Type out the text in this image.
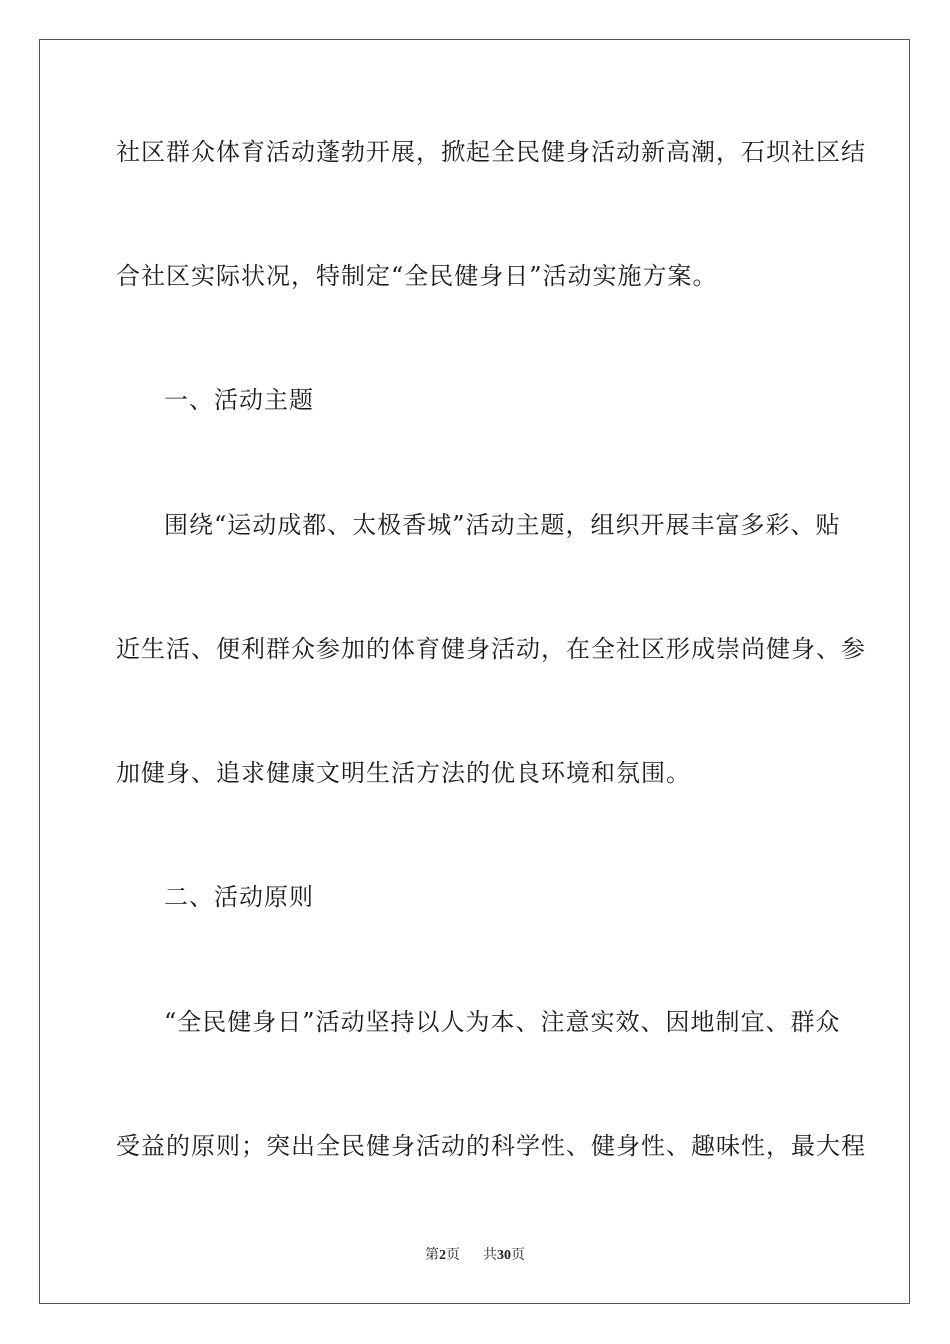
社区群众体育活动蓬勃开展，掀起全民健身活动新高潮，石坝社区结
合社区实际状况，特制定“全民健身日”活动实施方案。
一、活动主题
围绕“运动成都、太极香城”活动主题，组织开展丰富多彩、贴
近生活、便利群众参加的体育健身活动，在全社区形成崇尚健身、参
加健身、追求健康文明生活方法的优良环境和氛围。
二、活动原则
“全民健身日”活动坚持以人为本、注意实效、因地制宜、群众
受益的原则；突出全民健身活动的科学性、健身性、趣味性，最大程
第2页 共30页
